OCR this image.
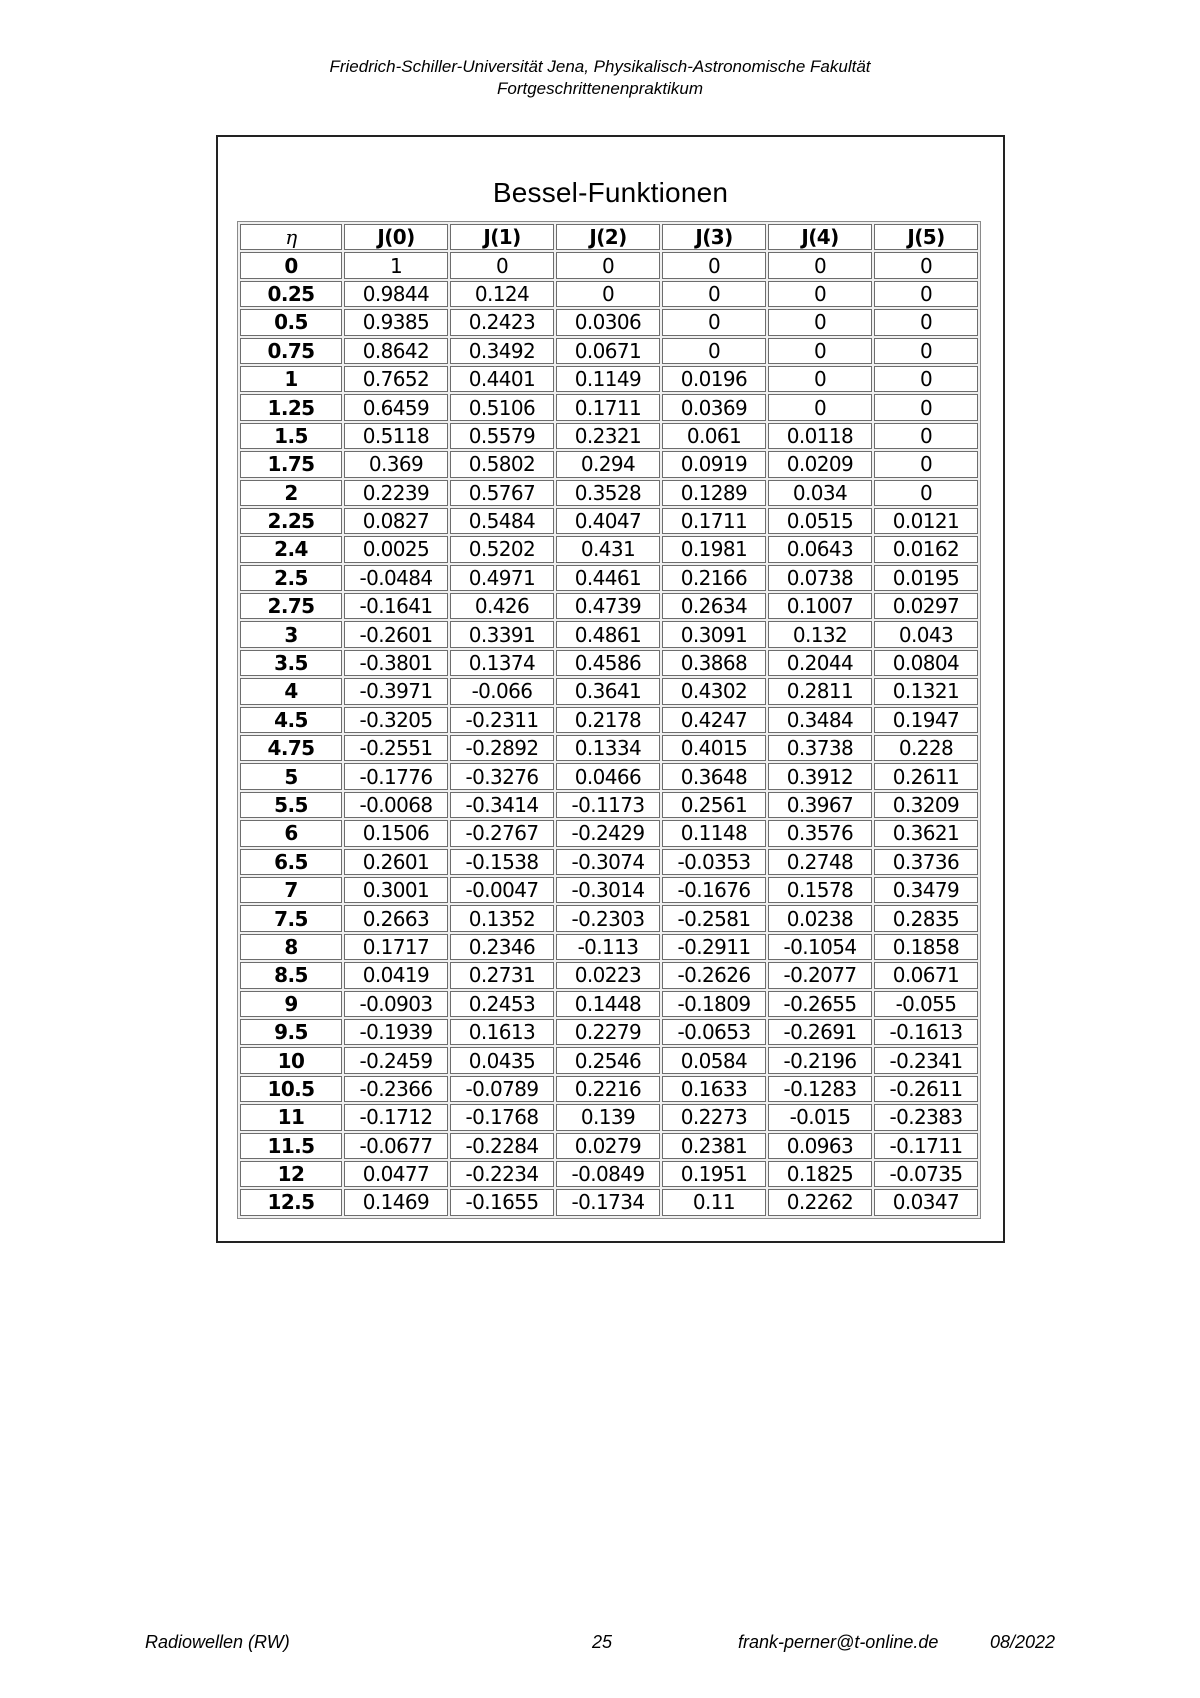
Friedrich-Schiller-Universität Jena, Physikalisch-Astronomische Fakultät
Fortgeschrittenenpraktikum
Bessel-Funktionen
η	J(0)	J(1)	J(2)	J(3)	J(4)	J(5)
0	1	0	0	0	0	0
0.25	0.9844	0.124	0	0	0	0
0.5	0.9385	0.2423	0.0306	0	0	0
0.75	0.8642	0.3492	0.0671	0	0	0
1	0.7652	0.4401	0.1149	0.0196	0	0
1.25	0.6459	0.5106	0.1711	0.0369	0	0
1.5	0.5118	0.5579	0.2321	0.061	0.0118	0
1.75	0.369	0.5802	0.294	0.0919	0.0209	0
2	0.2239	0.5767	0.3528	0.1289	0.034	0
2.25	0.0827	0.5484	0.4047	0.1711	0.0515	0.0121
2.4	0.0025	0.5202	0.431	0.1981	0.0643	0.0162
2.5	-0.0484	0.4971	0.4461	0.2166	0.0738	0.0195
2.75	-0.1641	0.426	0.4739	0.2634	0.1007	0.0297
3	-0.2601	0.3391	0.4861	0.3091	0.132	0.043
3.5	-0.3801	0.1374	0.4586	0.3868	0.2044	0.0804
4	-0.3971	-0.066	0.3641	0.4302	0.2811	0.1321
4.5	-0.3205	-0.2311	0.2178	0.4247	0.3484	0.1947
4.75	-0.2551	-0.2892	0.1334	0.4015	0.3738	0.228
5	-0.1776	-0.3276	0.0466	0.3648	0.3912	0.2611
5.5	-0.0068	-0.3414	-0.1173	0.2561	0.3967	0.3209
6	0.1506	-0.2767	-0.2429	0.1148	0.3576	0.3621
6.5	0.2601	-0.1538	-0.3074	-0.0353	0.2748	0.3736
7	0.3001	-0.0047	-0.3014	-0.1676	0.1578	0.3479
7.5	0.2663	0.1352	-0.2303	-0.2581	0.0238	0.2835
8	0.1717	0.2346	-0.113	-0.2911	-0.1054	0.1858
8.5	0.0419	0.2731	0.0223	-0.2626	-0.2077	0.0671
9	-0.0903	0.2453	0.1448	-0.1809	-0.2655	-0.055
9.5	-0.1939	0.1613	0.2279	-0.0653	-0.2691	-0.1613
10	-0.2459	0.0435	0.2546	0.0584	-0.2196	-0.2341
10.5	-0.2366	-0.0789	0.2216	0.1633	-0.1283	-0.2611
11	-0.1712	-0.1768	0.139	0.2273	-0.015	-0.2383
11.5	-0.0677	-0.2284	0.0279	0.2381	0.0963	-0.1711
12	0.0477	-0.2234	-0.0849	0.1951	0.1825	-0.0735
12.5	0.1469	-0.1655	-0.1734	0.11	0.2262	0.0347
Radiowellen (RW)	25	frank-perner@t-online.de	08/2022
